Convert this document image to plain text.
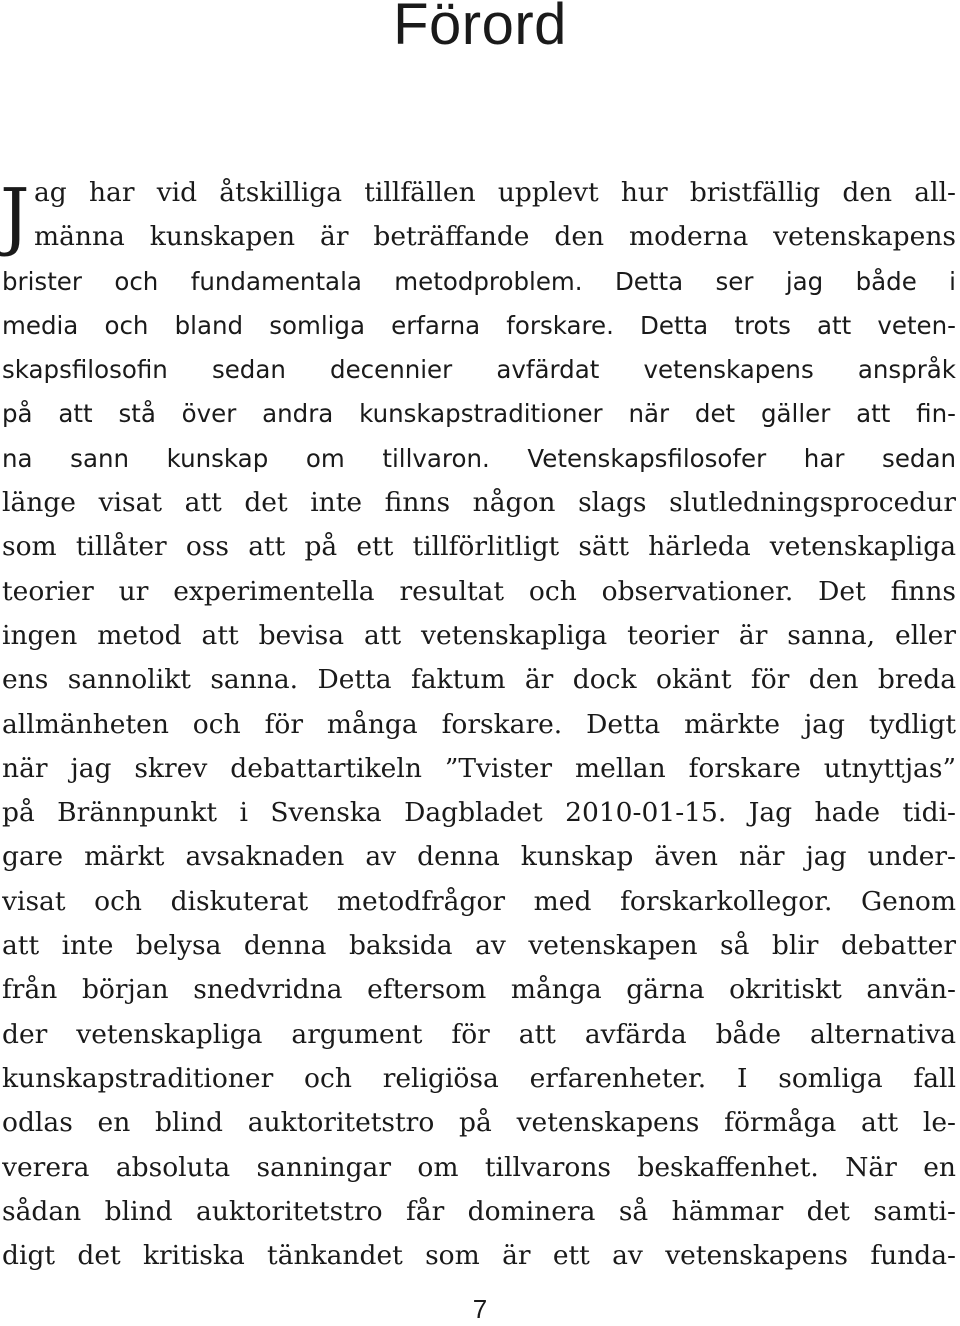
Förord
J ag har vid åtskilliga tillfällen upplevt hur bristfällig den all-
männa kunskapen är beträffande den moderna vetenskapens
brister och fundamentala metodproblem. Detta ser jag både i
media och bland somliga erfarna forskare. Detta trots att veten-
skapsfilosofin sedan decennier avfärdat vetenskapens anspråk
på att stå över andra kunskapstraditioner när det gäller att fin-
na sann kunskap om tillvaron. Vetenskapsfilosofer har sedan
länge visat att det inte finns någon slags slutledningsprocedur
som tillåter oss att på ett tillförlitligt sätt härleda vetenskapliga
teorier ur experimentella resultat och observationer. Det finns
ingen metod att bevisa att vetenskapliga teorier är sanna, eller
ens sannolikt sanna. Detta faktum är dock okänt för den breda
allmänheten och för många forskare. Detta märkte jag tydligt
när jag skrev debattartikeln ”Tvister mellan forskare utnyttjas”
på Brännpunkt i Svenska Dagbladet 2010-01-15. Jag hade tidi-
gare märkt avsaknaden av denna kunskap även när jag under-
visat och diskuterat metodfrågor med forskarkollegor. Genom
att inte belysa denna baksida av vetenskapen så blir debatter
från början snedvridna eftersom många gärna okritiskt använ-
der vetenskapliga argument för att avfärda både alternativa
kunskapstraditioner och religiösa erfarenheter. I somliga fall
odlas en blind auktoritetstro på vetenskapens förmåga att le-
verera absoluta sanningar om tillvarons beskaffenhet. När en
sådan blind auktoritetstro får dominera så hämmar det samti-
digt det kritiska tänkandet som är ett av vetenskapens funda-
7
